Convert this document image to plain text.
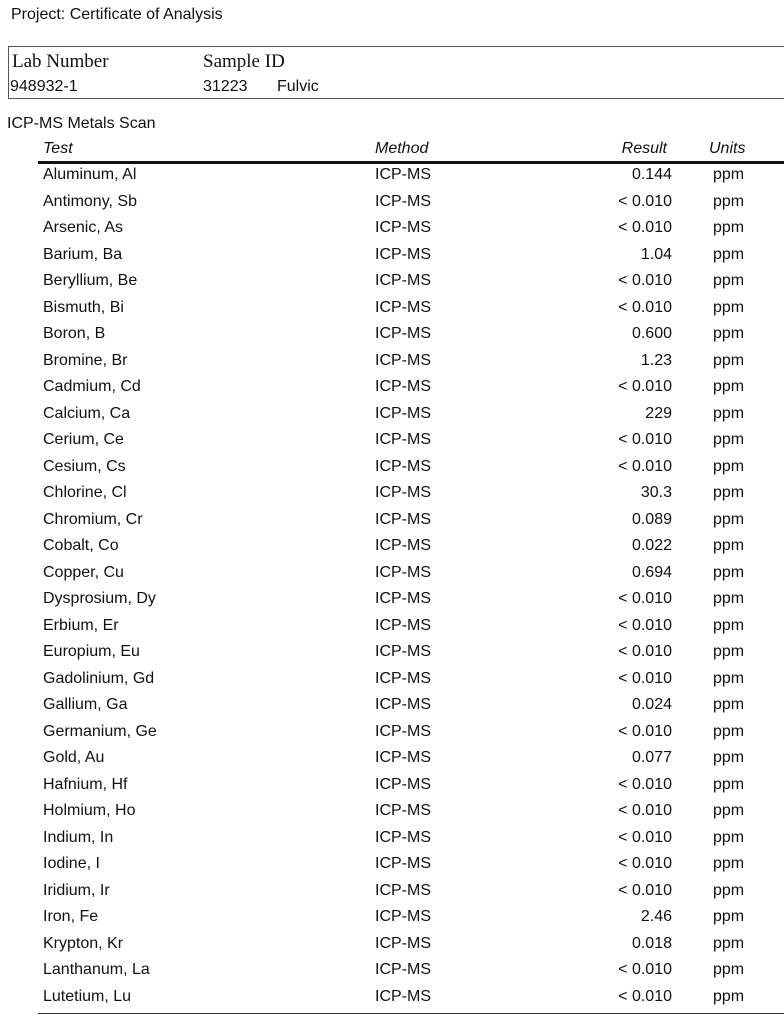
Project: Certificate of Analysis
Lab Number	Sample ID
948932-1	31223 Fulvic
ICP-MS Metals Scan
Test	Method	Result	Units
Aluminum, Al	ICP-MS	0.144	ppm
Antimony, Sb	ICP-MS	< 0.010	ppm
Arsenic, As	ICP-MS	< 0.010	ppm
Barium, Ba	ICP-MS	1.04	ppm
Beryllium, Be	ICP-MS	< 0.010	ppm
Bismuth, Bi	ICP-MS	< 0.010	ppm
Boron, B	ICP-MS	0.600	ppm
Bromine, Br	ICP-MS	1.23	ppm
Cadmium, Cd	ICP-MS	< 0.010	ppm
Calcium, Ca	ICP-MS	229	ppm
Cerium, Ce	ICP-MS	< 0.010	ppm
Cesium, Cs	ICP-MS	< 0.010	ppm
Chlorine, Cl	ICP-MS	30.3	ppm
Chromium, Cr	ICP-MS	0.089	ppm
Cobalt, Co	ICP-MS	0.022	ppm
Copper, Cu	ICP-MS	0.694	ppm
Dysprosium, Dy	ICP-MS	< 0.010	ppm
Erbium, Er	ICP-MS	< 0.010	ppm
Europium, Eu	ICP-MS	< 0.010	ppm
Gadolinium, Gd	ICP-MS	< 0.010	ppm
Gallium, Ga	ICP-MS	0.024	ppm
Germanium, Ge	ICP-MS	< 0.010	ppm
Gold, Au	ICP-MS	0.077	ppm
Hafnium, Hf	ICP-MS	< 0.010	ppm
Holmium, Ho	ICP-MS	< 0.010	ppm
Indium, In	ICP-MS	< 0.010	ppm
Iodine, I	ICP-MS	< 0.010	ppm
Iridium, Ir	ICP-MS	< 0.010	ppm
Iron, Fe	ICP-MS	2.46	ppm
Krypton, Kr	ICP-MS	0.018	ppm
Lanthanum, La	ICP-MS	< 0.010	ppm
Lutetium, Lu	ICP-MS	< 0.010	ppm
